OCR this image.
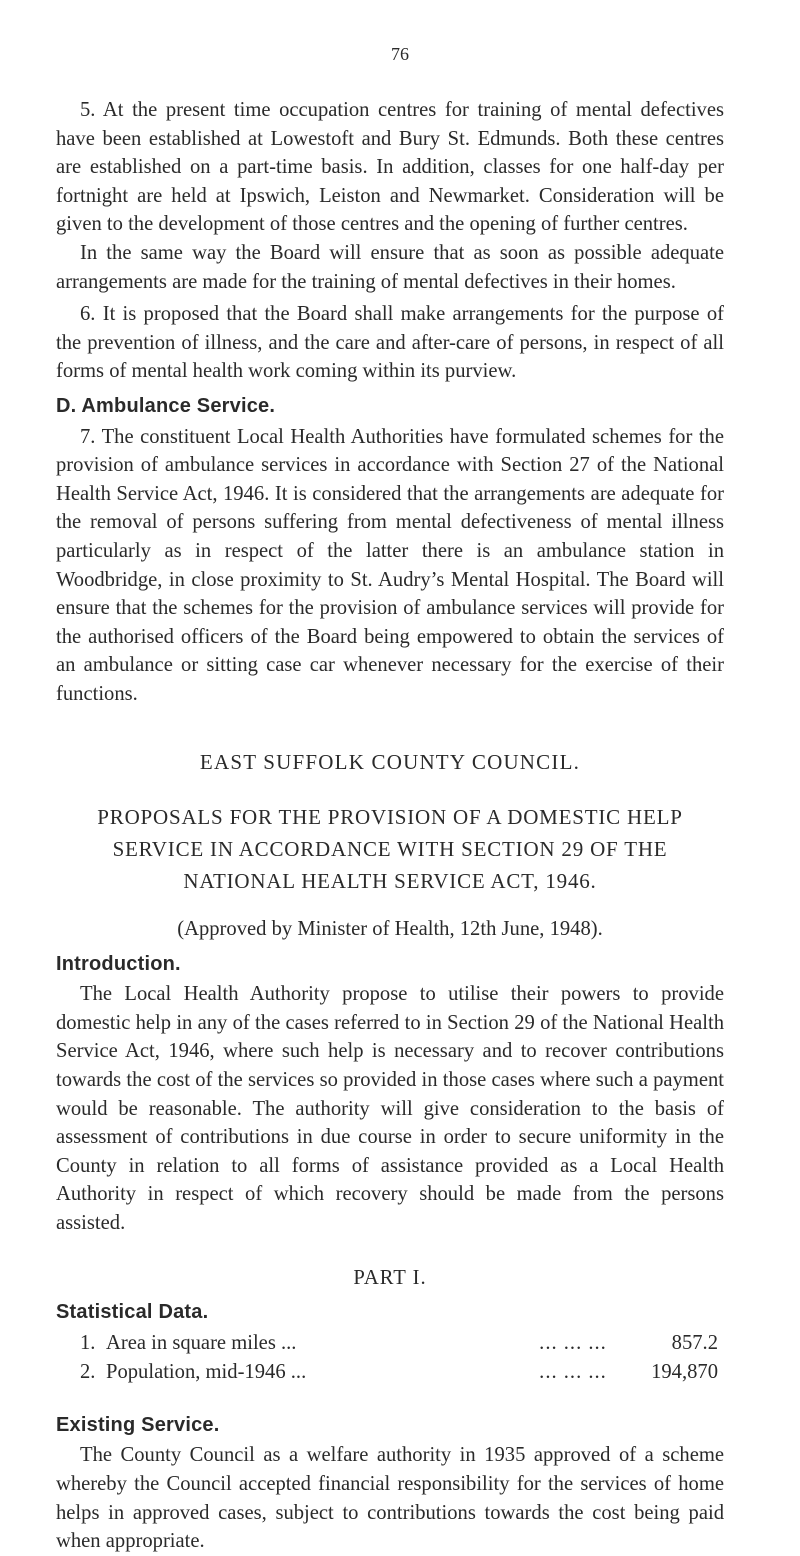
76

5. At the present time occupation centres for training of mental defectives have been established at Lowestoft and Bury St. Edmunds. Both these centres are established on a part-time basis. In addition, classes for one half-day per fortnight are held at Ipswich, Leiston and Newmarket. Consideration will be given to the development of those centres and the opening of further centres.

In the same way the Board will ensure that as soon as possible adequate arrangements are made for the training of mental defectives in their homes.

6. It is proposed that the Board shall make arrangements for the purpose of the prevention of illness, and the care and after-care of persons, in respect of all forms of mental health work coming within its purview.

D. Ambulance Service.

7. The constituent Local Health Authorities have formulated schemes for the provision of ambulance services in accordance with Section 27 of the National Health Service Act, 1946. It is considered that the arrangements are adequate for the removal of persons suffering from mental defectiveness of mental illness particularly as in respect of the latter there is an ambulance station in Woodbridge, in close proximity to St. Audry’s Mental Hospital. The Board will ensure that the schemes for the provision of ambulance services will provide for the authorised officers of the Board being empowered to obtain the services of an ambulance or sitting case car whenever necessary for the exercise of their functions.

EAST SUFFOLK COUNTY COUNCIL.

PROPOSALS FOR THE PROVISION OF A DOMESTIC HELP SERVICE IN ACCORDANCE WITH SECTION 29 OF THE NATIONAL HEALTH SERVICE ACT, 1946.

(Approved by Minister of Health, 12th June, 1948).

Introduction.

The Local Health Authority propose to utilise their powers to provide domestic help in any of the cases referred to in Section 29 of the National Health Service Act, 1946, where such help is necessary and to recover contributions towards the cost of the services so provided in those cases where such a payment would be reasonable. The authority will give consideration to the basis of assessment of contributions in due course in order to secure uniformity in the County in relation to all forms of assistance provided as a Local Health Authority in respect of which recovery should be made from the persons assisted.

PART I.

Statistical Data.
1.	Area in square miles ...	... ... ...	857.2
2.	Population, mid-1946 ...	... ... ...	194,870
Existing Service.

The County Council as a welfare authority in 1935 approved of a scheme whereby the Council accepted financial responsibility for the services of home helps in approved cases, subject to contributions towards the cost being paid when appropriate.
